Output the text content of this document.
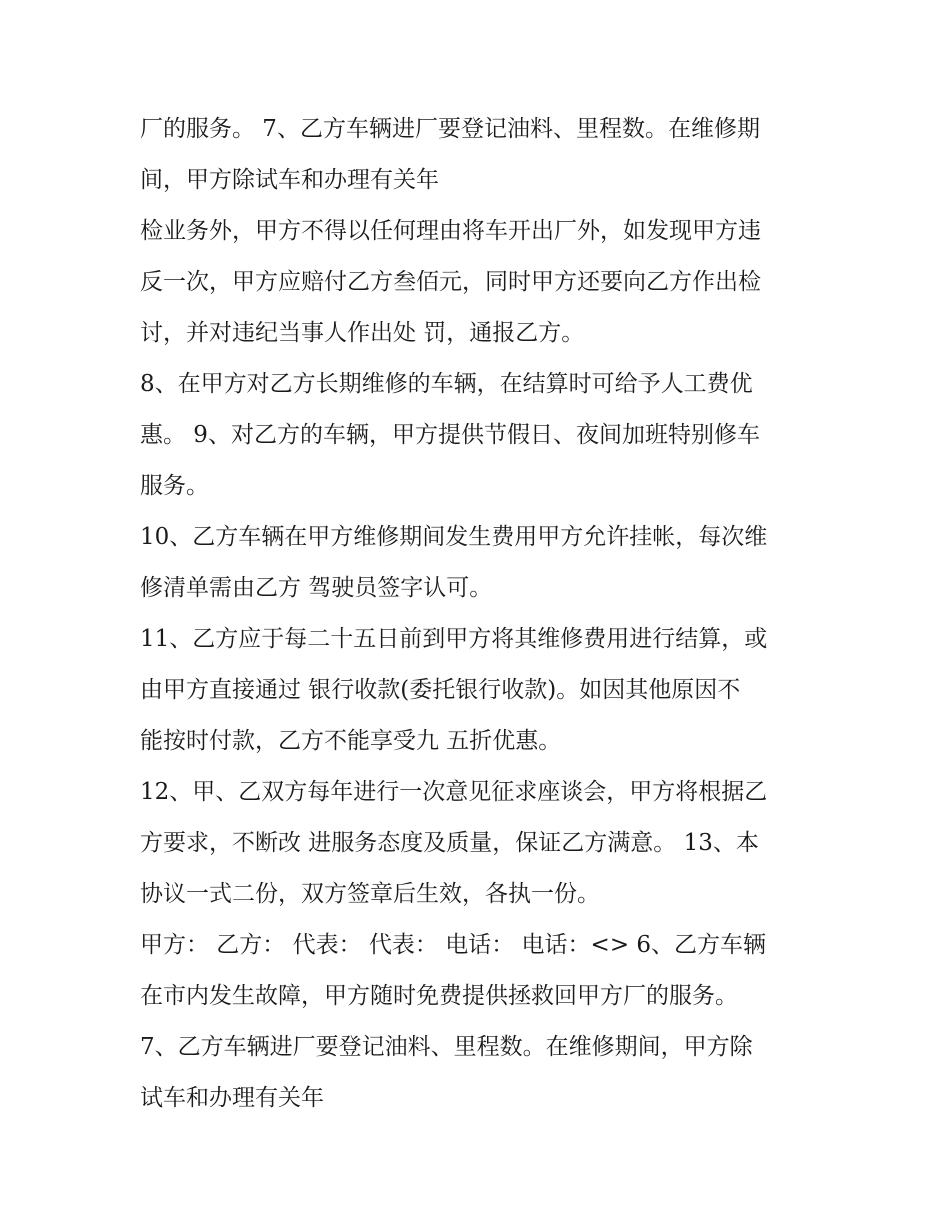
厂的服务。 7、乙方车辆进厂要登记油料、里程数。在维修期
间，甲方除试车和办理有关年
检业务外，甲方不得以任何理由将车开出厂外，如发现甲方违
反一次，甲方应赔付乙方叁佰元，同时甲方还要向乙方作出检
讨，并对违纪当事人作出处 罚，通报乙方。
8、在甲方对乙方长期维修的车辆，在结算时可给予人工费优
惠。 9、对乙方的车辆，甲方提供节假日、夜间加班特别修车
服务。
10、乙方车辆在甲方维修期间发生费用甲方允许挂帐，每次维
修清单需由乙方 驾驶员签字认可。
11、乙方应于每二十五日前到甲方将其维修费用进行结算，或
由甲方直接通过 银行收款(委托银行收款)。如因其他原因不
能按时付款，乙方不能享受九 五折优惠。
12、甲、乙双方每年进行一次意见征求座谈会，甲方将根据乙
方要求，不断改 进服务态度及质量，保证乙方满意。 13、本
协议一式二份，双方签章后生效，各执一份。
甲方： 乙方： 代表： 代表： 电话： 电话：<> 6、乙方车辆
在市内发生故障，甲方随时免费提供拯救回甲方厂的服务。
7、乙方车辆进厂要登记油料、里程数。在维修期间，甲方除
试车和办理有关年
